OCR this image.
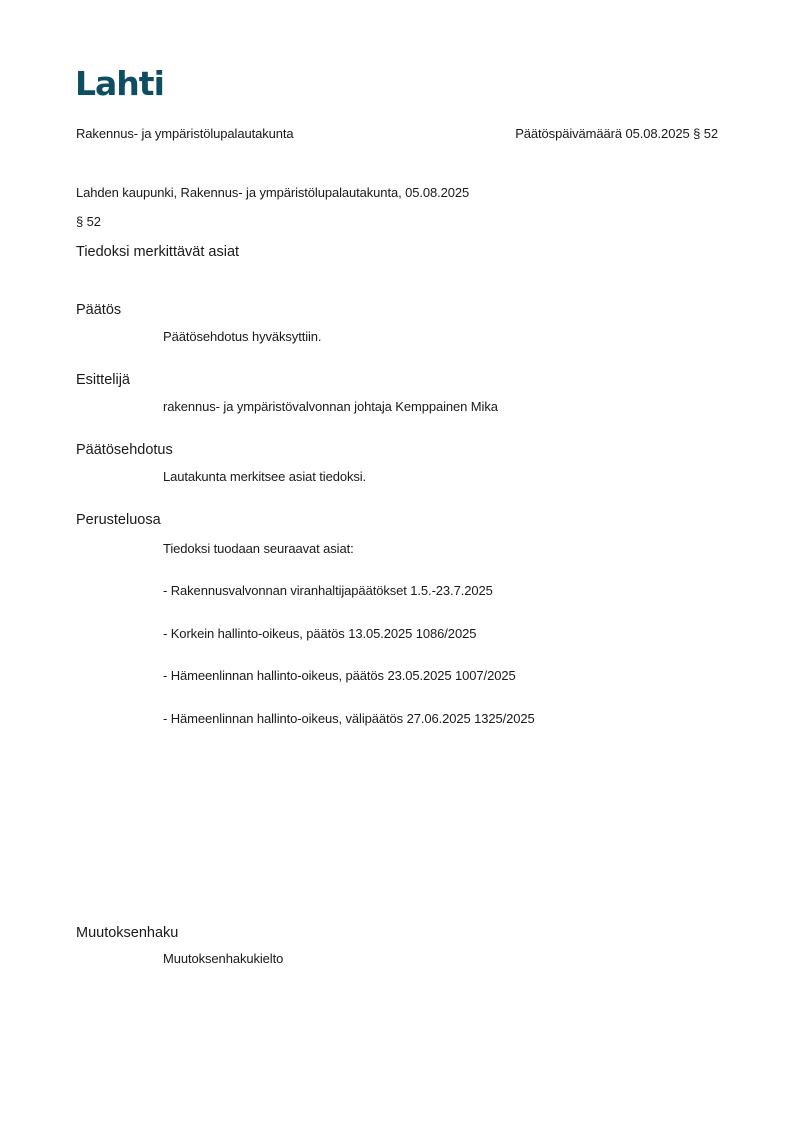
Lahti
Rakennus- ja ympäristölupalautakunta	Päätöspäivämäärä 05.08.2025 § 52
Lahden kaupunki, Rakennus- ja ympäristölupalautakunta, 05.08.2025
§ 52
Tiedoksi merkittävät asiat
Päätös
Päätösehdotus hyväksyttiin.
Esittelijä
rakennus- ja ympäristövalvonnan johtaja Kemppainen Mika
Päätösehdotus
Lautakunta merkitsee asiat tiedoksi.
Perusteluosa
Tiedoksi tuodaan seuraavat asiat:
- Rakennusvalvonnan viranhaltijapäätökset 1.5.-23.7.2025
- Korkein hallinto-oikeus, päätös 13.05.2025 1086/2025
- Hämeenlinnan hallinto-oikeus, päätös 23.05.2025 1007/2025
- Hämeenlinnan hallinto-oikeus, välipäätös 27.06.2025 1325/2025
Muutoksenhaku
Muutoksenhakukielto
